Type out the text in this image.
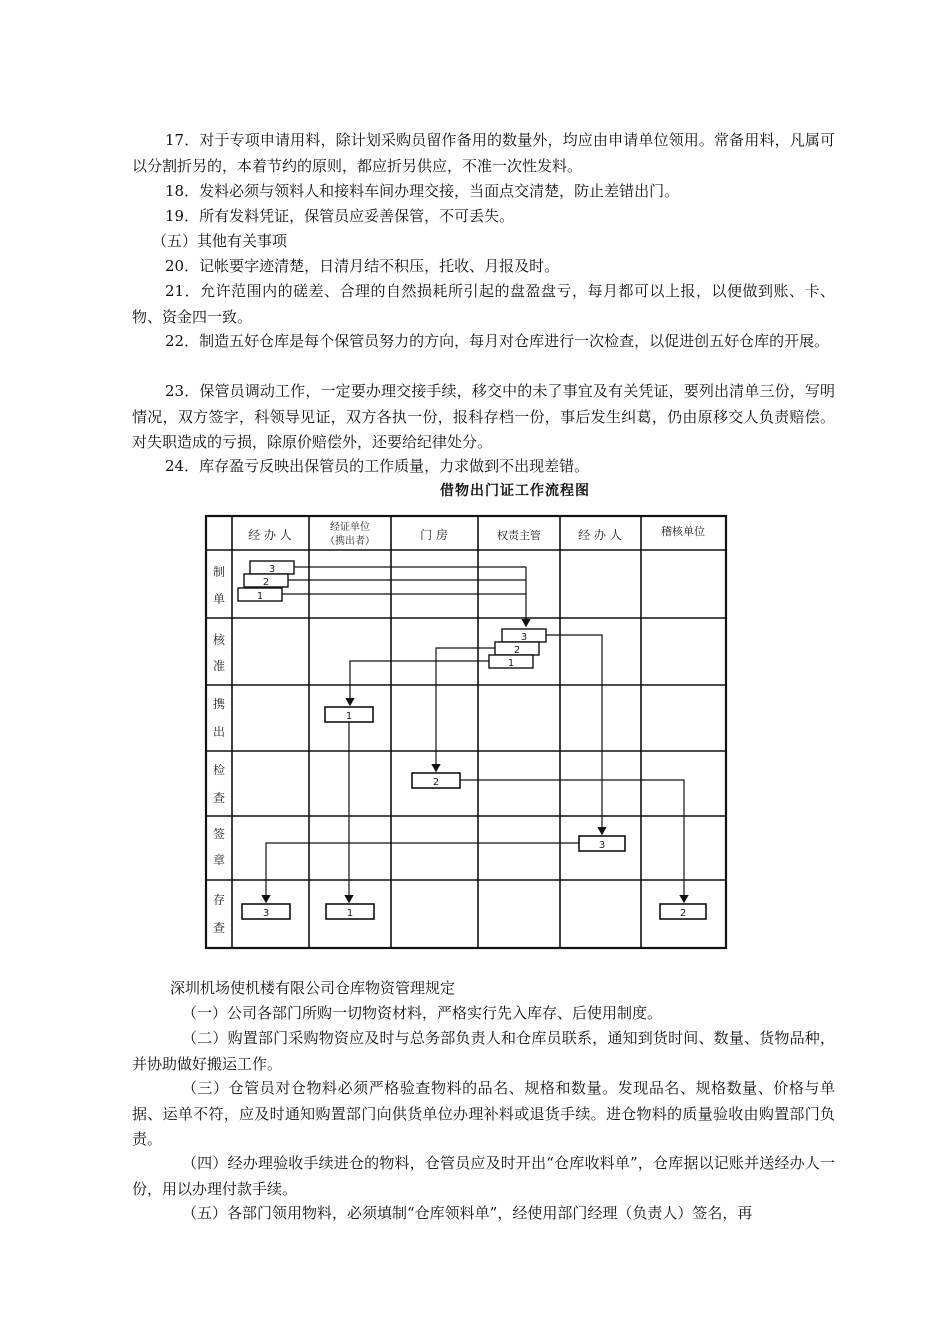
17．对于专项申请用料，除计划采购员留作备用的数量外，均应由申请单位领用。常备用料，凡属可以分割折另的，本着节约的原则，都应折另供应，不准一次性发料。

18．发料必须与领料人和接料车间办理交接，当面点交清楚，防止差错出门。

19．所有发料凭证，保管员应妥善保管，不可丢失。

（五）其他有关事项

20．记帐要字迹清楚，日清月结不积压，托收、月报及时。

21．允许范围内的磋差、合理的自然损耗所引起的盘盈盘亏，每月都可以上报，以便做到账、卡、物、资金四一致。

22．制造五好仓库是每个保管员努力的方向，每月对仓库进行一次检查，以促进创五好仓库的开展。

23．保管员调动工作，一定要办理交接手续，移交中的未了事宜及有关凭证，要列出清单三份，写明情况，双方签字，科领导见证，双方各执一份，报科存档一份，事后发生纠葛，仍由原移交人负责赔偿。对失职造成的亏损，除原价赔偿外，还要给纪律处分。

24．库存盈亏反映出保管员的工作质量，力求做到不出现差错。

借物出门证工作流程图
经 办 人
经证单位
（携出者）	门 房	权责主管	经 办 人	稽核单位
制
单
核
准
携
出
检
查
签
章
存
查
3
2
1
3
2
1
1
2
3
3	1	2

深圳机场使机楼有限公司仓库物资管理规定

（一）公司各部门所购一切物资材料，严格实行先入库存、后使用制度。

（二）购置部门采购物资应及时与总务部负责人和仓库员联系，通知到货时间、数量、货物品种，并协助做好搬运工作。

（三）仓管员对仓物料必须严格验查物料的品名、规格和数量。发现品名、规格数量、价格与单据、运单不符，应及时通知购置部门向供货单位办理补料或退货手续。进仓物料的质量验收由购置部门负责。

（四）经办理验收手续进仓的物料，仓管员应及时开出“仓库收料单”，仓库据以记账并送经办人一份，用以办理付款手续。

（五）各部门领用物料，必须填制“仓库领料单”，经使用部门经理（负责人）签名，再
